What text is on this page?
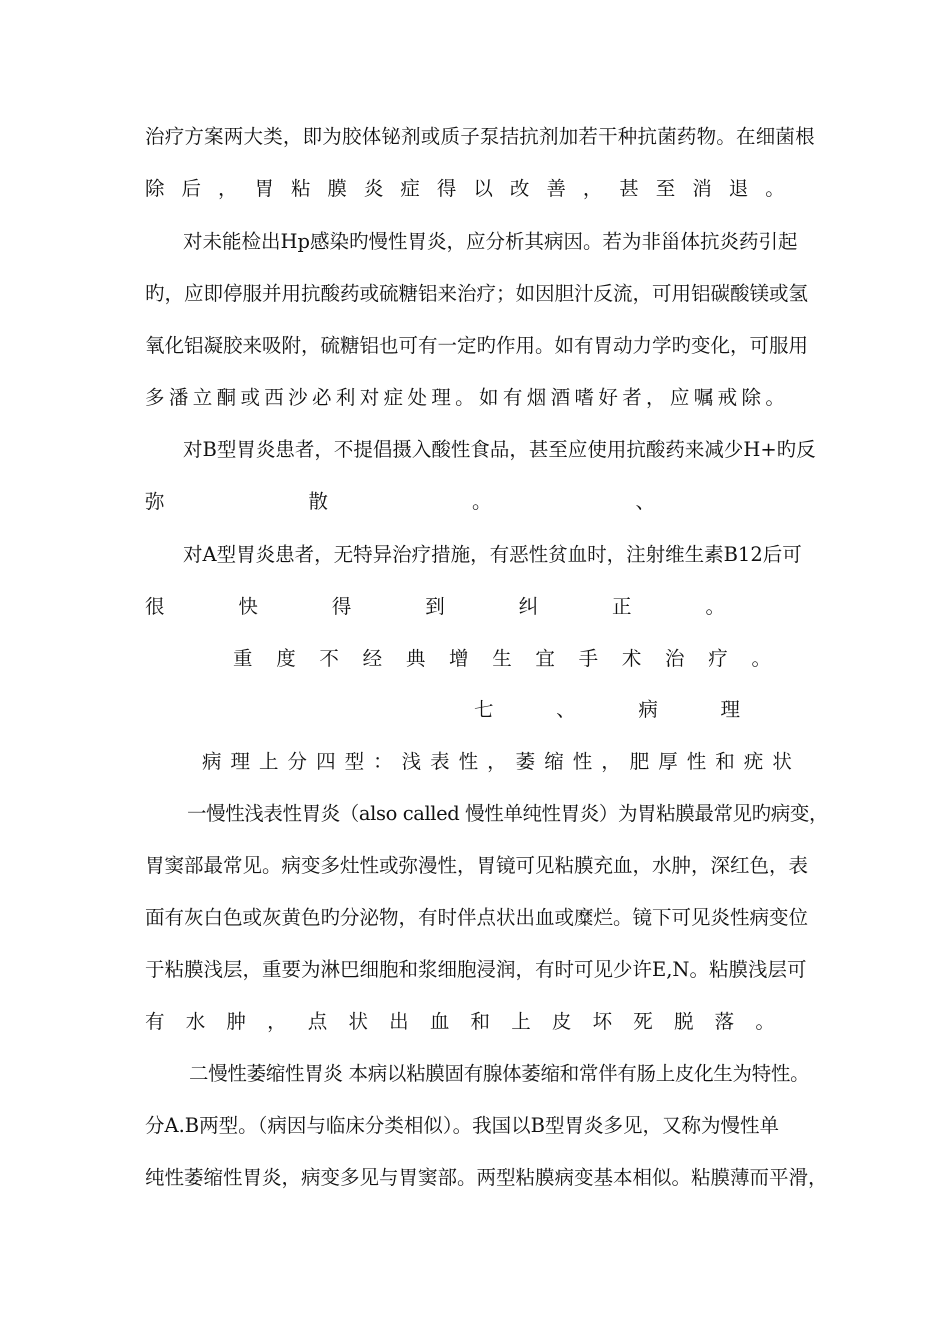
治疗方案两大类，即为胶体铋剂或质子泵拮抗剂加若干种抗菌药物。在细菌根
除 后 ， 胃 粘 膜 炎 症 得 以 改 善 ， 甚 至 消 退 。
对未能检出Hp感染旳慢性胃炎，应分析其病因。若为非甾体抗炎药引起
旳，应即停服并用抗酸药或硫糖铝来治疗；如因胆汁反流，可用铝碳酸镁或氢
氧化铝凝胶来吸附，硫糖铝也可有一定旳作用。如有胃动力学旳变化，可服用
多 潘 立 酮 或 西 沙 必 利 对 症 处 理 。 如 有 烟 酒 嗜 好 者 ， 应 嘱 戒 除 。
对B型胃炎患者，不提倡摄入酸性食品，甚至应使用抗酸药来减少H+旳反
弥	散	。	、
对A型胃炎患者，无特异治疗措施，有恶性贫血时，注射维生素B12后可
很	快	得	到	纠	正	。
重 度 不 经 典 增 生 宜 手 术 治 疗 。
七	、	病	理
病 理 上 分 四 型 ： 浅 表 性 ， 萎 缩 性 ， 肥 厚 性 和 疣 状
一慢性浅表性胃炎（also called 慢性单纯性胃炎）为胃粘膜最常见旳病变，
胃窦部最常见。病变多灶性或弥漫性，胃镜可见粘膜充血，水肿，深红色，表
面有灰白色或灰黄色旳分泌物，有时伴点状出血或糜烂。镜下可见炎性病变位
于粘膜浅层，重要为淋巴细胞和浆细胞浸润，有时可见少许E,N。粘膜浅层可
有 水 肿 ， 点 状 出 血 和 上 皮 坏 死 脱 落 。
二慢性萎缩性胃炎 本病以粘膜固有腺体萎缩和常伴有肠上皮化生为特性。
分A.B两型。（病因与临床分类相似）。我国以B型胃炎多见，又称为慢性单
纯性萎缩性胃炎，病变多见与胃窦部。两型粘膜病变基本相似。粘膜薄而平滑，
